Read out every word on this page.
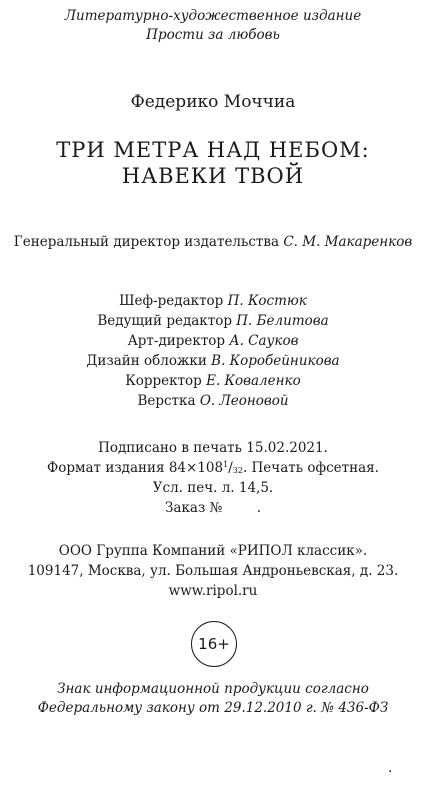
Литературно-художественное издание
Прости за любовь
Федерико Моччиа
ТРИ МЕТРА НАД НЕБОМ:
НАВЕКИ ТВОЙ
Генеральный директор издательства С. М. Макаренков
Шеф-редактор П. Костюк
Ведущий редактор П. Белитова
Арт-директор А. Сауков
Дизайн обложки В. Коробейникова
Корректор Е. Коваленко
Верстка О. Леоновой
Подписано в печать 15.02.2021.
Формат издания $84\times 108^1/_{32}$. Печать офсетная.
Усл. печ. л. 14,5.
Заказ №        .
ООО Группа Компаний «РИПОЛ классик».
109147, Москва, ул. Большая Андроньевская, д. 23.
www.ripol.ru
16+
Знак информационной продукции согласно
Федеральному закону от 29.12.2010 г. № 436-ФЗ
.
